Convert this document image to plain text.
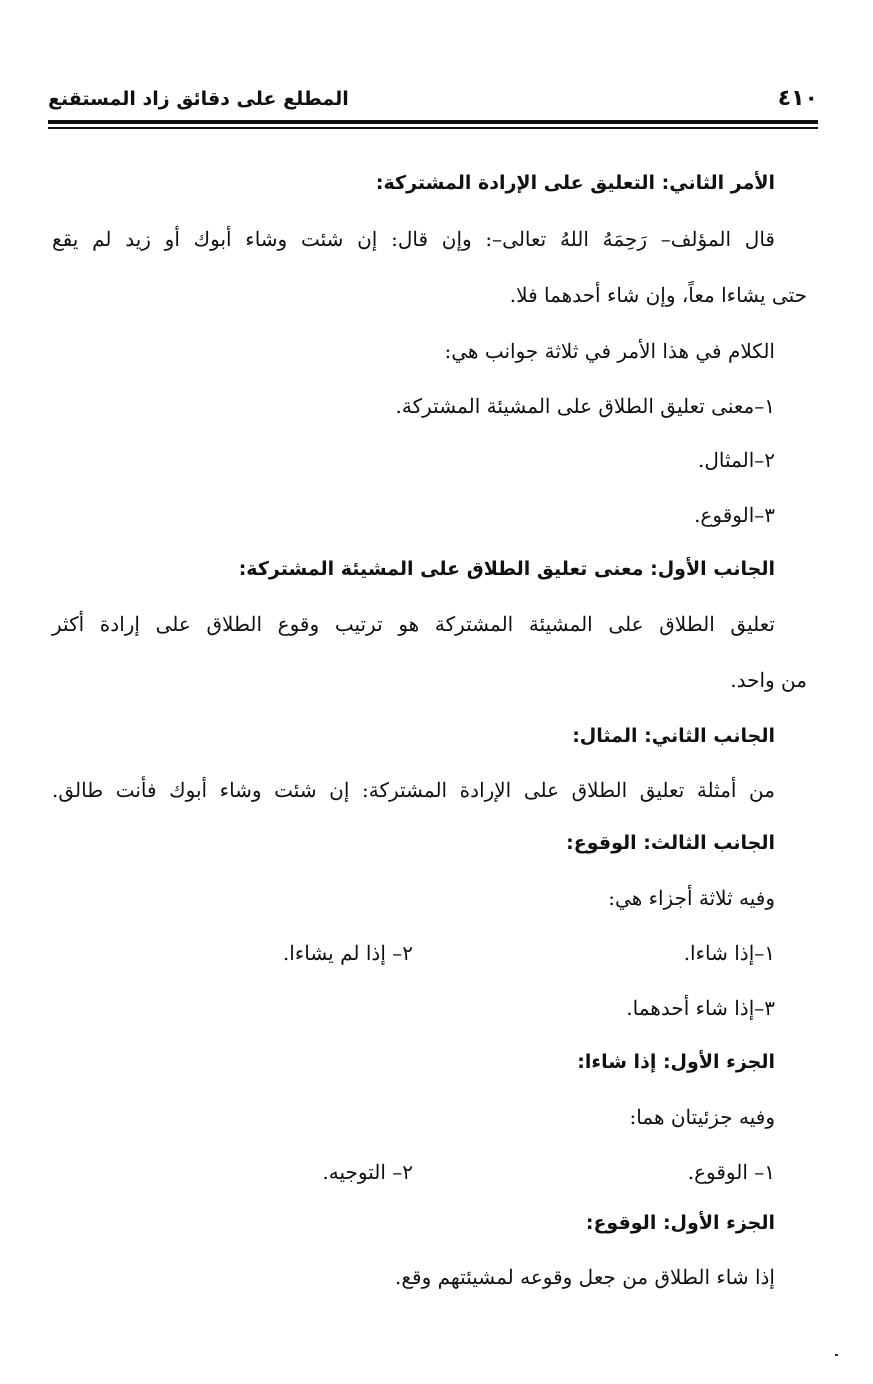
٤١٠
المطلع على دقائق زاد المستقنع
الأمر الثاني: التعليق على الإرادة المشتركة:
قال المؤلف– رَحِمَهُ اللهُ تعالى–: وإن قال: إن شئت وشاء أبوك أو زيد لم يقع
حتى يشاءا معاً، وإن شاء أحدهما فلا.
الكلام في هذا الأمر في ثلاثة جوانب هي:
١–معنى تعليق الطلاق على المشيئة المشتركة.
٢–المثال.
٣–الوقوع.
الجانب الأول: معنى تعليق الطلاق على المشيئة المشتركة:
تعليق الطلاق على المشيئة المشتركة هو ترتيب وقوع الطلاق على إرادة أكثر
من واحد.
الجانب الثاني: المثال:
من أمثلة تعليق الطلاق على الإرادة المشتركة: إن شئت وشاء أبوك فأنت طالق.
الجانب الثالث: الوقوع:
وفيه ثلاثة أجزاء هي:
١–إذا شاءا.
٢– إذا لم يشاءا.
٣–إذا شاء أحدهما.
الجزء الأول: إذا شاءا:
وفيه جزئيتان هما:
١– الوقوع.
٢– التوجيه.
الجزء الأول: الوقوع:
إذا شاء الطلاق من جعل وقوعه لمشيئتهم وقع.
